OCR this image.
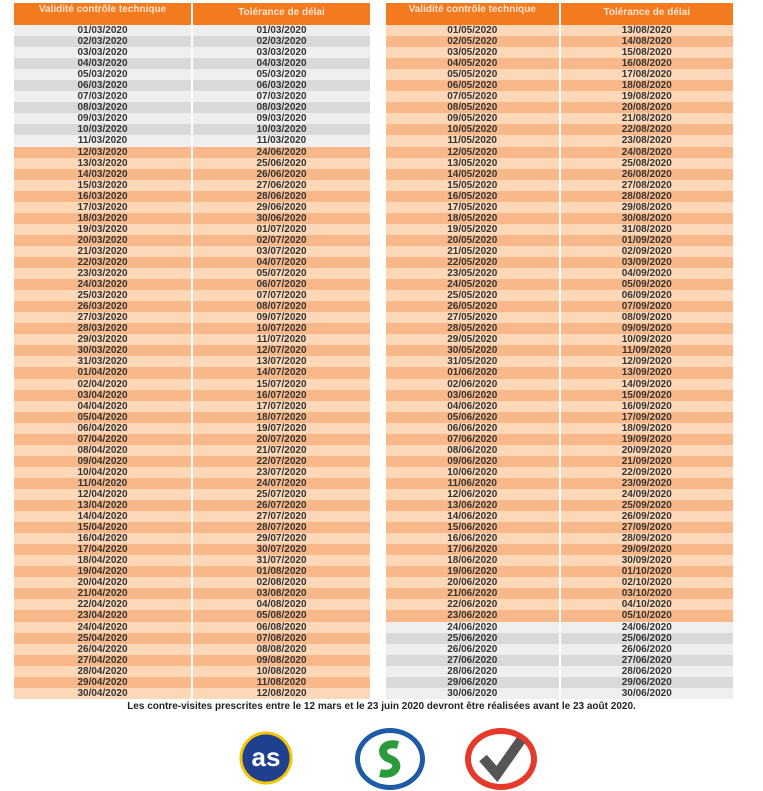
Validité contrôle technique	Tolérance de délai
01/03/2020	01/03/2020
02/03/2020	02/03/2020
03/03/2020	03/03/2020
04/03/2020	04/03/2020
05/03/2020	05/03/2020
06/03/2020	06/03/2020
07/03/2020	07/03/2020
08/03/2020	08/03/2020
09/03/2020	09/03/2020
10/03/2020	10/03/2020
11/03/2020	11/03/2020
12/03/2020	24/06/2020
13/03/2020	25/06/2020
14/03/2020	26/06/2020
15/03/2020	27/06/2020
16/03/2020	28/06/2020
17/03/2020	29/06/2020
18/03/2020	30/06/2020
19/03/2020	01/07/2020
20/03/2020	02/07/2020
21/03/2020	03/07/2020
22/03/2020	04/07/2020
23/03/2020	05/07/2020
24/03/2020	06/07/2020
25/03/2020	07/07/2020
26/03/2020	08/07/2020
27/03/2020	09/07/2020
28/03/2020	10/07/2020
29/03/2020	11/07/2020
30/03/2020	12/07/2020
31/03/2020	13/07/2020
01/04/2020	14/07/2020
02/04/2020	15/07/2020
03/04/2020	16/07/2020
04/04/2020	17/07/2020
05/04/2020	18/07/2020
06/04/2020	19/07/2020
07/04/2020	20/07/2020
08/04/2020	21/07/2020
09/04/2020	22/07/2020
10/04/2020	23/07/2020
11/04/2020	24/07/2020
12/04/2020	25/07/2020
13/04/2020	26/07/2020
14/04/2020	27/07/2020
15/04/2020	28/07/2020
16/04/2020	29/07/2020
17/04/2020	30/07/2020
18/04/2020	31/07/2020
19/04/2020	01/08/2020
20/04/2020	02/08/2020
21/04/2020	03/08/2020
22/04/2020	04/08/2020
23/04/2020	05/08/2020
24/04/2020	06/08/2020
25/04/2020	07/08/2020
26/04/2020	08/08/2020
27/04/2020	09/08/2020
28/04/2020	10/08/2020
29/04/2020	11/08/2020
30/04/2020	12/08/2020
Validité contrôle technique	Tolérance de délai
01/05/2020	13/08/2020
02/05/2020	14/08/2020
03/05/2020	15/08/2020
04/05/2020	16/08/2020
05/05/2020	17/08/2020
06/05/2020	18/08/2020
07/05/2020	19/08/2020
08/05/2020	20/08/2020
09/05/2020	21/08/2020
10/05/2020	22/08/2020
11/05/2020	23/08/2020
12/05/2020	24/08/2020
13/05/2020	25/08/2020
14/05/2020	26/08/2020
15/05/2020	27/08/2020
16/05/2020	28/08/2020
17/05/2020	29/08/2020
18/05/2020	30/08/2020
19/05/2020	31/08/2020
20/05/2020	01/09/2020
21/05/2020	02/09/2020
22/05/2020	03/09/2020
23/05/2020	04/09/2020
24/05/2020	05/09/2020
25/05/2020	06/09/2020
26/05/2020	07/09/2020
27/05/2020	08/09/2020
28/05/2020	09/09/2020
29/05/2020	10/09/2020
30/05/2020	11/09/2020
31/05/2020	12/09/2020
01/06/2020	13/09/2020
02/06/2020	14/09/2020
03/06/2020	15/09/2020
04/06/2020	16/09/2020
05/06/2020	17/09/2020
06/06/2020	18/09/2020
07/06/2020	19/09/2020
08/06/2020	20/09/2020
09/06/2020	21/09/2020
10/06/2020	22/09/2020
11/06/2020	23/09/2020
12/06/2020	24/09/2020
13/06/2020	25/09/2020
14/06/2020	26/09/2020
15/06/2020	27/09/2020
16/06/2020	28/09/2020
17/06/2020	29/09/2020
18/06/2020	30/09/2020
19/06/2020	01/10/2020
20/06/2020	02/10/2020
21/06/2020	03/10/2020
22/06/2020	04/10/2020
23/06/2020	05/10/2020
24/06/2020	24/06/2020
25/06/2020	25/06/2020
26/06/2020	26/06/2020
27/06/2020	27/06/2020
28/06/2020	28/06/2020
29/06/2020	29/06/2020
30/06/2020	30/06/2020
Les contre-visites prescrites entre le 12 mars et le 23 juin 2020 devront être réalisées avant le 23 août 2020.
as
